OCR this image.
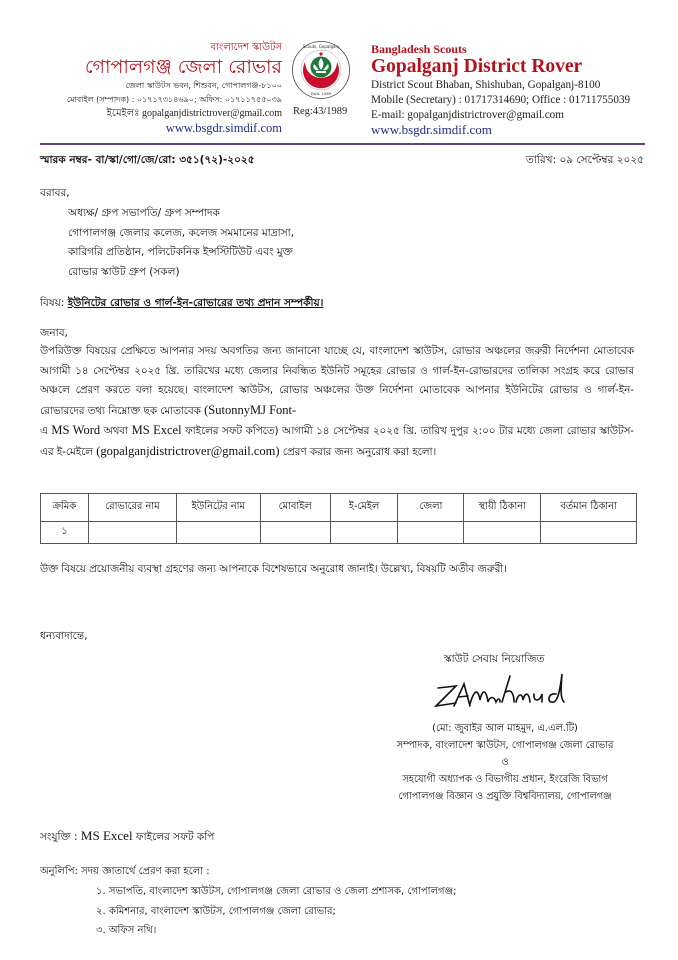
বাংলাদেশ স্কাউটস
গোপালগঞ্জ জেলা রোভার
জেলা স্কাউটস ভবন, শিশুবন, গোপালগঞ্জ-৮১০০
মোবাইল (সম্পাদক) : ০১৭১৭৩১৪৬৯০; অফিস: ০১৭১১৭৫৫০৩৯
ইমেইলঃ gopalganjdistrictrover@gmail.com
www.bsgdr.simdif.com
Scouts, Gopalganj
Estd. 1989
Reg:43/1989
Bangladesh Scouts
Gopalganj District Rover
District Scout Bhaban, Shishuban, Gopalganj-8100
Mobile (Secretary) : 01717314690; Office : 01711755039
E-mail: gopalganjdistrictrover@gmail.com
www.bsgdr.simdif.com
স্মারক নম্বর- বা/স্কা/গো/জে/রো: ৩৫১(৭২)-২০২৫	তারিখ: ০৯ সেপ্টেম্বর ২০২৫
বরাবর,
অধ্যক্ষ/ গ্রুপ সভাপতি/ গ্রুপ সম্পাদক
গোপালগঞ্জ জেলার কলেজ, কলেজ সমমানের মাদ্রাসা,
কারিগরি প্রতিষ্ঠান, পলিটেকনিক ইন্সস্টিটিউট এবং মুক্ত
রোভার স্কাউট গ্রুপ (সকল)
বিষয়: ইউনিটের রোভার ও গার্ল-ইন-রোভারের তথ্য প্রদান সম্পর্কীয়।
জনাব,
উপরিউক্ত বিষয়ের প্রেক্ষিতে আপনার সদয় অবগতির জন্য জানানো যাচ্ছে যে, বাংলাদেশ স্কাউটস, রোভার অঞ্চলের জরুরী নির্দেশনা মোতাবেক আগামী ১৪ সেপ্টেম্বর ২০২৫ খ্রি. তারিখের মধ্যে জেলার নিবন্ধিত ইউনিট সমূহের রোভার ও গার্ল-ইন-রোভারদের তালিকা সংগ্রহ করে রোভার অঞ্চলে প্রেরণ করতে বলা হয়েছে। বাংলাদেশ স্কাউটস, রোভার অঞ্চলের উক্ত নির্দেশনা মোতাবেক আপনার ইউনিটের রোভার ও গার্ল-ইন-রোভারদের তথ্য নিম্নোক্ত ছক মোতাবেক (SutonnyMJ Font-
এ MS Word অথবা MS Excel ফাইলের সফট কপিতে) আগামী ১৪ সেপ্টেম্বর ২০২৫ খ্রি. তারিখ দুপুর ২:০০ টার মধ্যে জেলা রোভার স্কাউটস-এর ই-মেইলে (gopalganjdistrictrover@gmail.com) প্রেরণ করার জন্য অনুরোধ করা হলো।
ক্রমিক	রোভারের নাম	ইউনিটের নাম	মোবাইল	ই-মেইল	জেলা	স্থায়ী ঠিকানা	বর্তমান ঠিকানা
১							
উক্ত বিষয়ে প্রয়োজনীয় ব্যবস্থা গ্রহণের জন্য আপনাকে বিশেষভাবে অনুরোধ জানাই। উল্লেখ্য, বিষয়টি অতীব জরুরী।
ধন্যবাদান্তে,
স্কাউট সেবায় নিয়োজিত
(মো: জুবাইর আল মাহমুদ, এ.এল.টি)
সম্পাদক, বাংলাদেশ স্কাউটস, গোপালগঞ্জ জেলা রোভার
ও
সহযোগী অধ্যাপক ও বিভাগীয় প্রধান, ইংরেজি বিভাগ
গোপালগঞ্জ বিজ্ঞান ও প্রযুক্তি বিশ্ববিদ্যালয়, গোপালগঞ্জ
সংযুক্তি : MS Excel ফাইলের সফট কপি
অনুলিপি: সদয় জ্ঞাতার্থে প্রেরণ করা হলো :
১. সভাপতি, বাংলাদেশ স্কাউটস, গোপালগঞ্জ জেলা রোভার ও জেলা প্রশাসক, গোপালগঞ্জ;
২. কমিশনার, বাংলাদেশ স্কাউটস, গোপালগঞ্জ জেলা রোভার;
৩. অফিস নথি।
